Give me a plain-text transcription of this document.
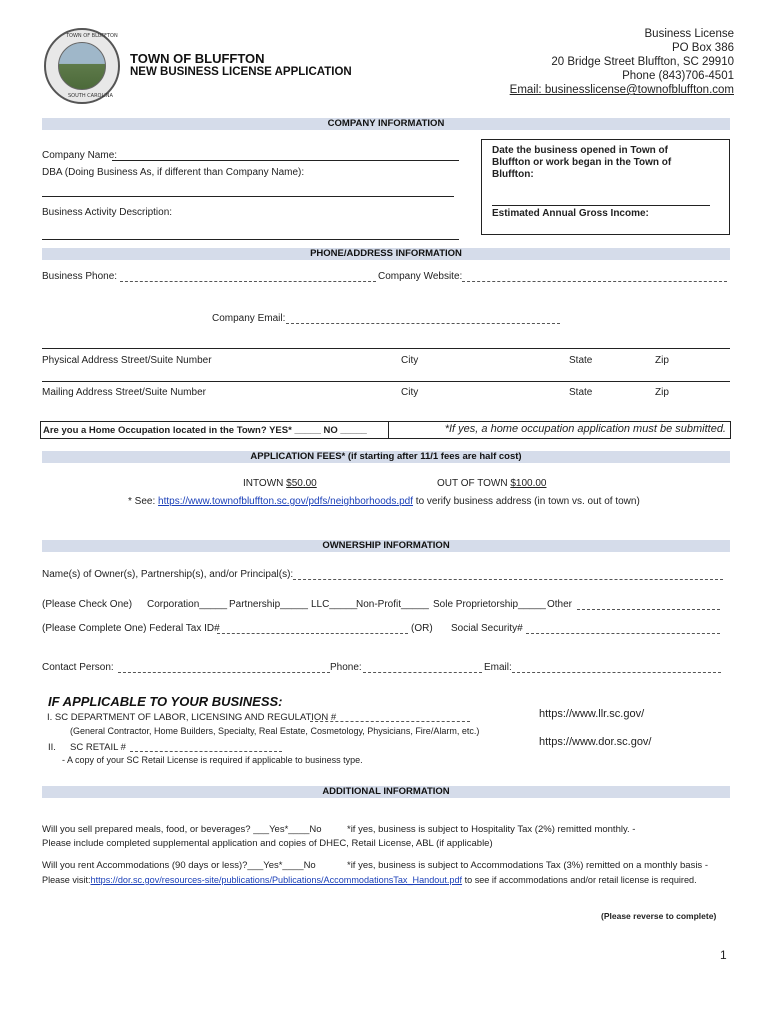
TOWN OF BLUFFTON
SOUTH CAROLINA
TOWN OF BLUFFTON
NEW BUSINESS LICENSE APPLICATION
Business License
PO Box 386
20 Bridge Street Bluffton, SC 29910
Phone (843)706-4501
Email: businesslicense@townofbluffton.com
COMPANY INFORMATION
Company Name:
DBA (Doing Business As, if different than Company Name):
Business Activity Description:
Date the business opened in Town of Bluffton or work began in the Town of Bluffton:
Estimated Annual Gross Income:
PHONE/ADDRESS INFORMATION
Business Phone:	Company Website:
Company Email:
Physical Address Street/Suite Number	City	State	Zip
Mailing Address Street/Suite Number	City	State	Zip
Are you a Home Occupation located in the Town? YES* _____ NO _____	*If yes, a home occupation application must be submitted.
APPLICATION FEES* (if starting after 11/1 fees are half cost)
INTOWN $50.00	OUT OF TOWN $100.00
* See: https://www.townofbluffton.sc.gov/pdfs/neighborhoods.pdf to verify business address (in town vs. out of town)
OWNERSHIP INFORMATION
Name(s) of Owner(s), Partnership(s), and/or Principal(s):
(Please Check One) Corporation_____ Partnership_____ LLC_____
Non-Profit_____ Sole Proprietorship_____ Other
(Please Complete One) Federal Tax ID#	(OR) Social Security#
Contact Person:	Phone:	Email:
IF APPLICABLE TO YOUR BUSINESS:
I. SC DEPARTMENT OF LABOR, LICENSING AND REGULATION #
(General Contractor, Home Builders, Specialty, Real Estate, Cosmetology, Physicians, Fire/Alarm, etc.)
https://www.llr.sc.gov/
II. SC RETAIL #
- A copy of your SC Retail License is required if applicable to business type.
https://www.dor.sc.gov/
ADDITIONAL INFORMATION
Will you sell prepared meals, food, or beverages? ___Yes*____No	*if yes, business is subject to Hospitality Tax (2%) remitted monthly. -
Please include completed supplemental application and copies of DHEC, Retail License, ABL (if applicable)
Will you rent Accommodations (90 days or less)?___Yes*____No	*if yes, business is subject to Accommodations Tax (3%) remitted on a monthly basis -
Please visit:https://dor.sc.gov/resources-site/publications/Publications/AccommodationsTax_Handout.pdf to see if accommodations and/or retail license is required.
(Please reverse to complete)
1
